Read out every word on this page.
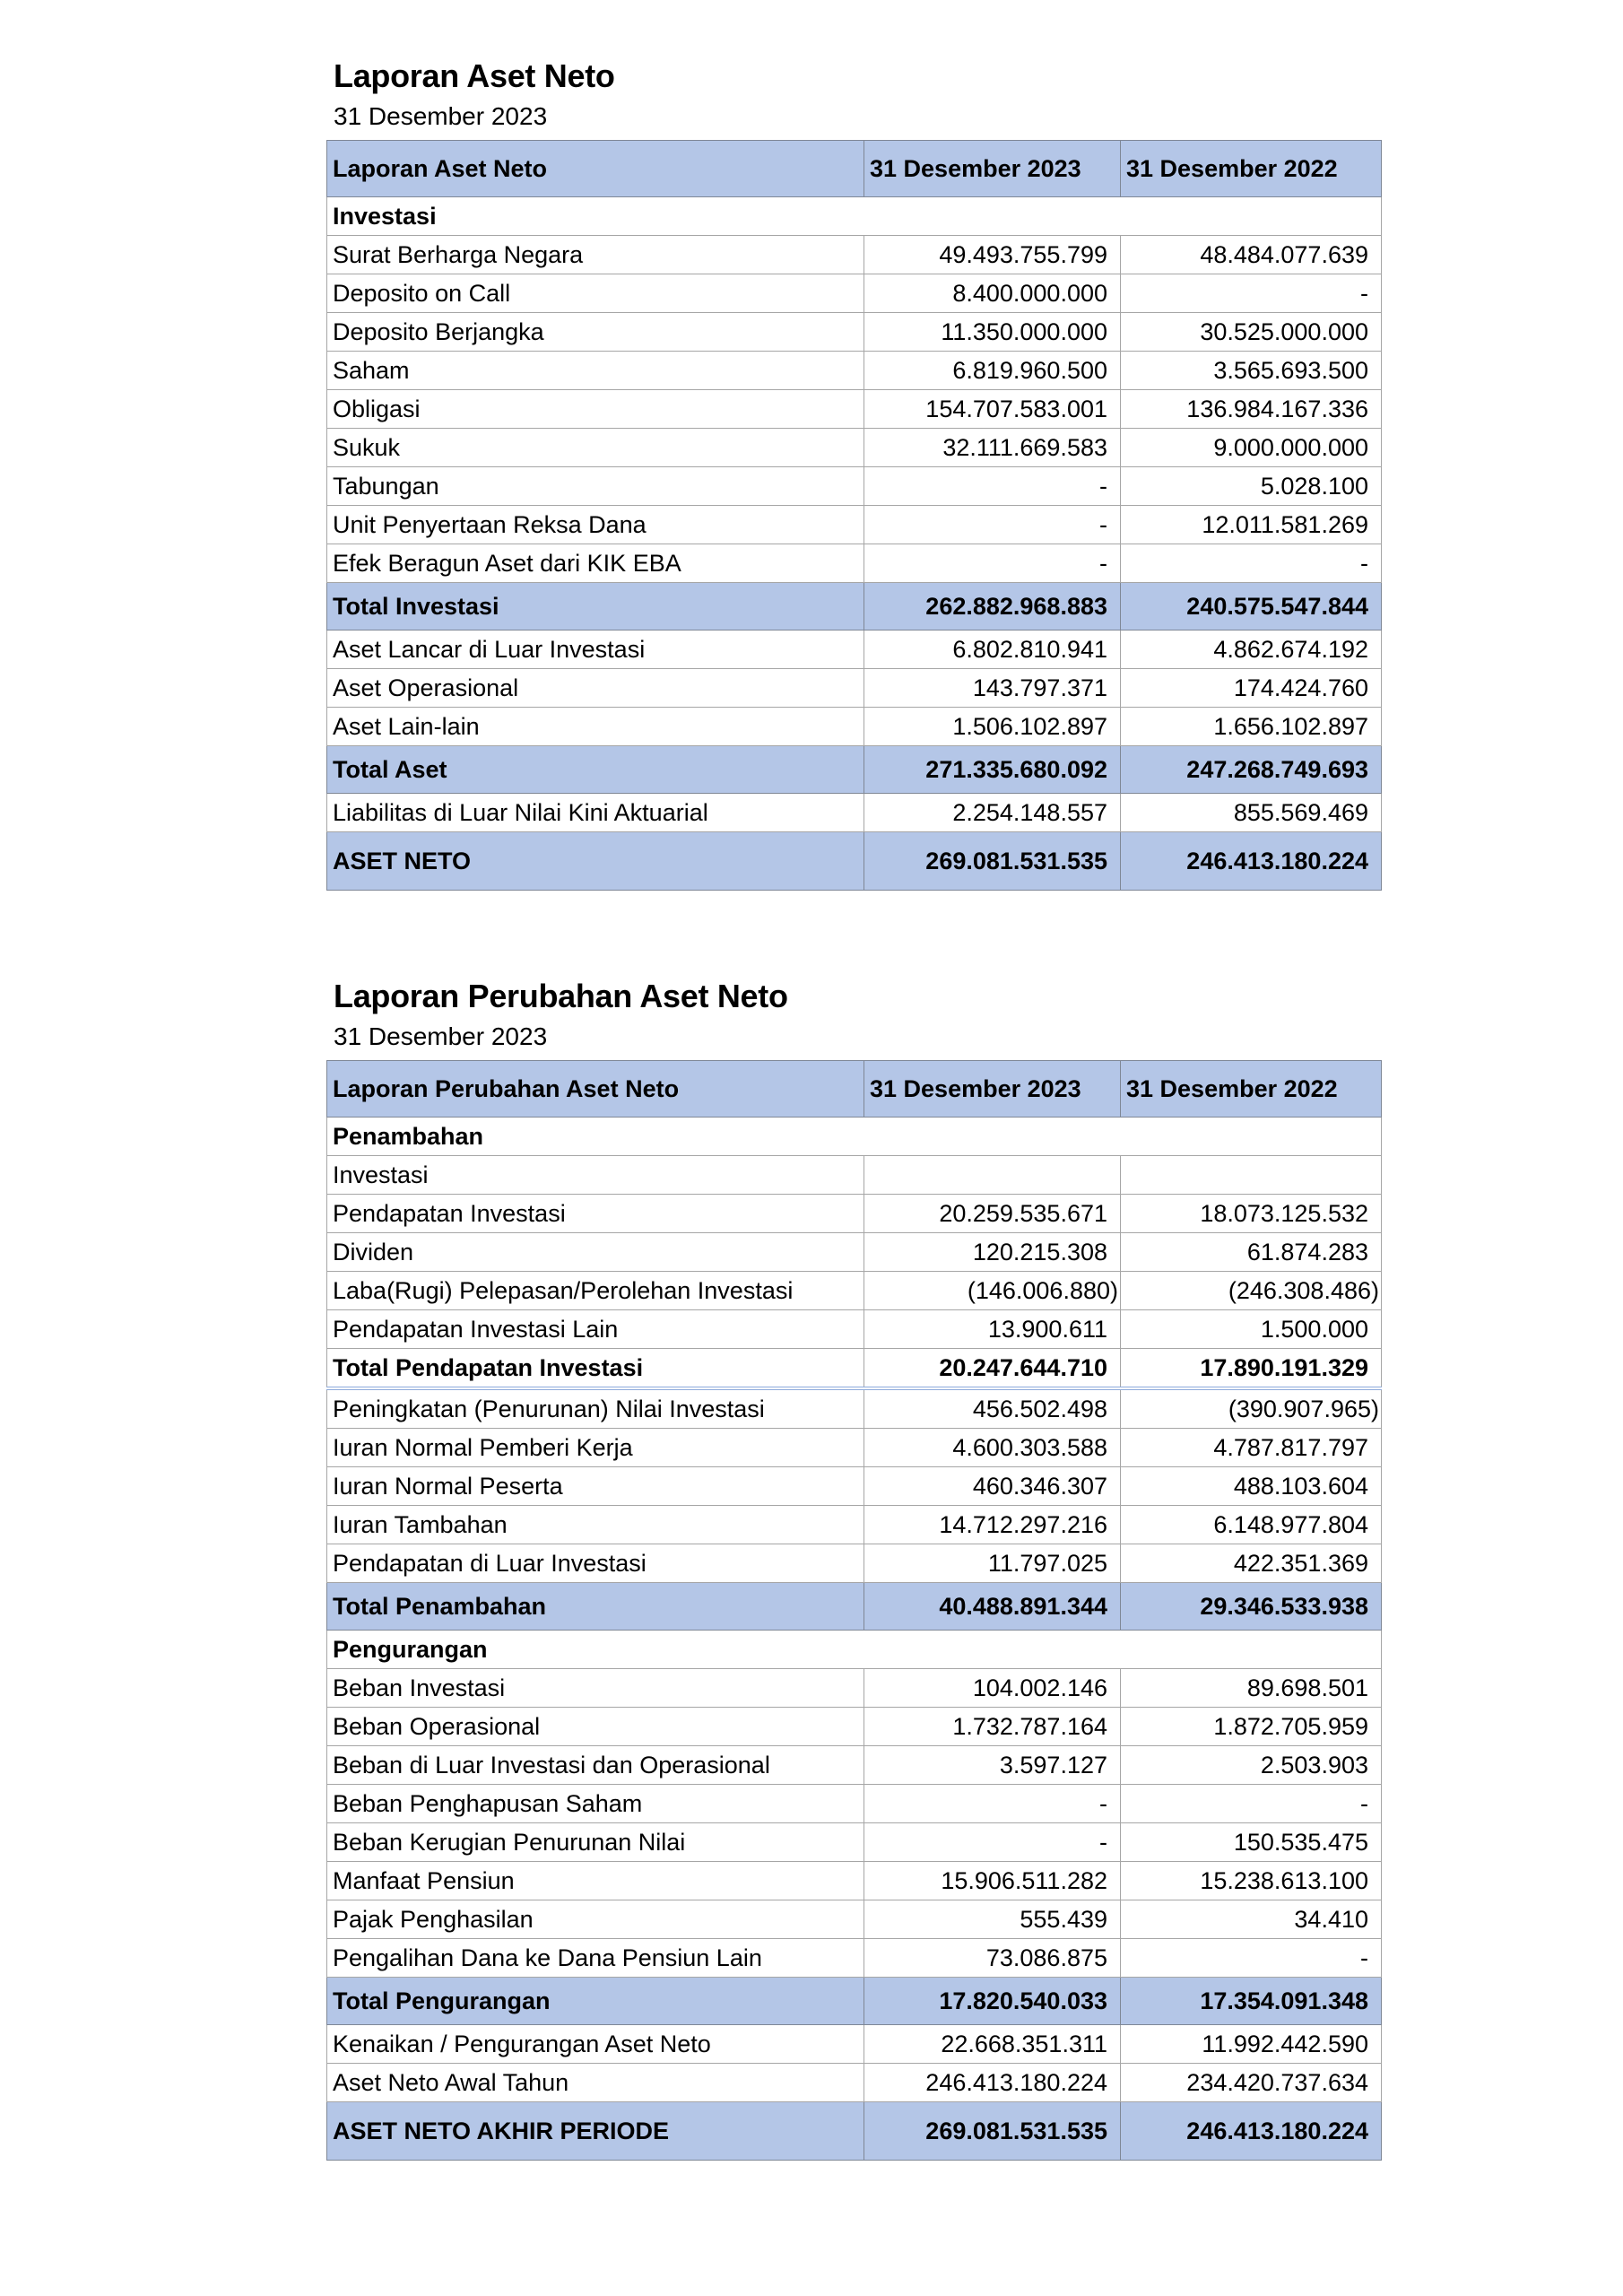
Laporan Aset Neto
31 Desember 2023
Laporan Aset Neto	31 Desember 2023	31 Desember 2022
Investasi		
Surat Berharga Negara	49.493.755.799	48.484.077.639
Deposito on Call	8.400.000.000	-
Deposito Berjangka	11.350.000.000	30.525.000.000
Saham	6.819.960.500	3.565.693.500
Obligasi	154.707.583.001	136.984.167.336
Sukuk	32.111.669.583	9.000.000.000
Tabungan	-	5.028.100
Unit Penyertaan Reksa Dana	-	12.011.581.269
Efek Beragun Aset dari KIK EBA	-	-
Total Investasi	262.882.968.883	240.575.547.844
Aset Lancar di Luar Investasi	6.802.810.941	4.862.674.192
Aset Operasional	143.797.371	174.424.760
Aset Lain-lain	1.506.102.897	1.656.102.897
Total Aset	271.335.680.092	247.268.749.693
Liabilitas di Luar Nilai Kini Aktuarial	2.254.148.557	855.569.469
ASET NETO	269.081.531.535	246.413.180.224
Laporan Perubahan Aset Neto
31 Desember 2023
Laporan Perubahan Aset Neto	31 Desember 2023	31 Desember 2022
Penambahan		
Investasi		
Pendapatan Investasi	20.259.535.671	18.073.125.532
Dividen	120.215.308	61.874.283
Laba(Rugi) Pelepasan/Perolehan Investasi	(146.006.880)	(246.308.486)
Pendapatan Investasi Lain	13.900.611	1.500.000
Total Pendapatan Investasi	20.247.644.710	17.890.191.329
Peningkatan (Penurunan) Nilai Investasi	456.502.498	(390.907.965)
Iuran Normal Pemberi Kerja	4.600.303.588	4.787.817.797
Iuran Normal Peserta	460.346.307	488.103.604
Iuran Tambahan	14.712.297.216	6.148.977.804
Pendapatan di Luar Investasi	11.797.025	422.351.369
Total Penambahan	40.488.891.344	29.346.533.938
Pengurangan		
Beban Investasi	104.002.146	89.698.501
Beban Operasional	1.732.787.164	1.872.705.959
Beban di Luar Investasi dan Operasional	3.597.127	2.503.903
Beban Penghapusan Saham	-	-
Beban Kerugian Penurunan Nilai	-	150.535.475
Manfaat Pensiun	15.906.511.282	15.238.613.100
Pajak Penghasilan	555.439	34.410
Pengalihan Dana ke Dana Pensiun Lain	73.086.875	-
Total Pengurangan	17.820.540.033	17.354.091.348
Kenaikan / Pengurangan Aset Neto	22.668.351.311	11.992.442.590
Aset Neto Awal Tahun	246.413.180.224	234.420.737.634
ASET NETO AKHIR PERIODE	269.081.531.535	246.413.180.224
